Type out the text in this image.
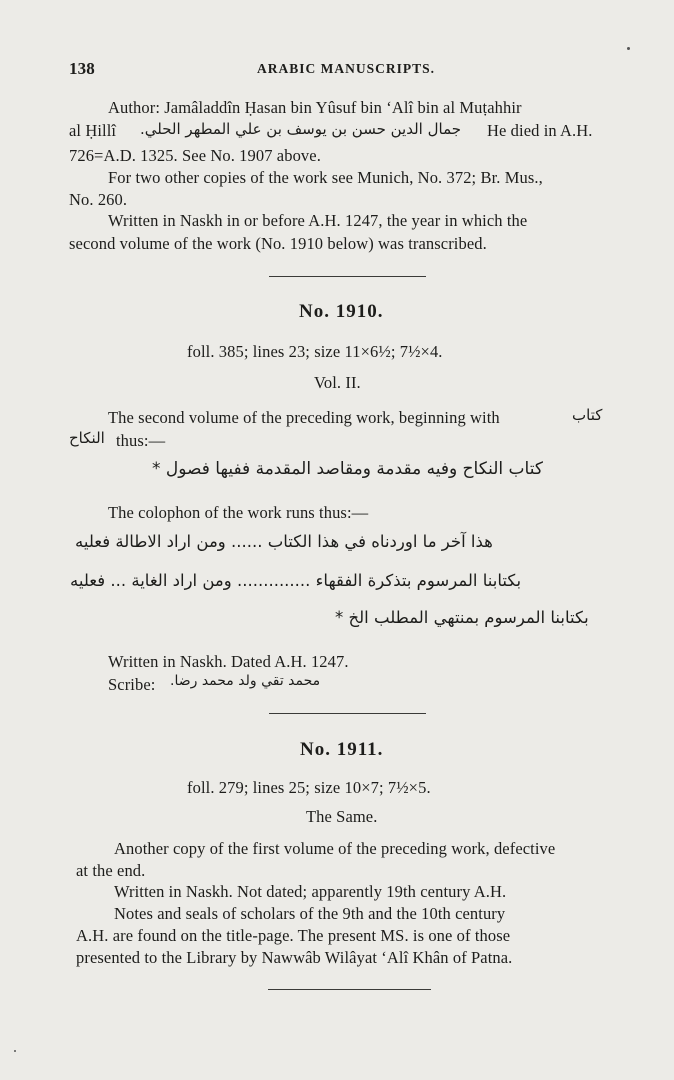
138	ARABIC MANUSCRIPTS.
Author: Jamâladdîn Ḥasan bin Yûsuf bin ‘Alî bin al Muṭahhir
al Ḥillî جمال الدين حسن بن يوسف بن علي المطهر الحلي. He died in A.H.
726=A.D. 1325. See No. 1907 above.
For two other copies of the work see Munich, No. 372; Br. Mus.,
No. 260.
Written in Naskh in or before A.H. 1247, the year in which the
second volume of the work (No. 1910 below) was transcribed.
No. 1910.
foll. 385; lines 23; size 11×6½; 7½×4.
Vol. II.
The second volume of the preceding work, beginning with	كتاب
النكاح thus:—
كتاب النكاح وفيه مقدمة ومقاصد المقدمة ففيها فصول *
The colophon of the work runs thus:—
هذا آخر ما اوردناه في هذا الكتاب ...... ومن اراد الاطالة فعليه
بكتابنا المرسوم بتذكرة الفقهاء .............. ومن اراد الغاية ... فعليه
بكتابنا المرسوم بمنتهي المطلب الخ *
Written in Naskh. Dated A.H. 1247.
Scribe: محمد تقي ولد محمد رضا.
No. 1911.
foll. 279; lines 25; size 10×7; 7½×5.
The Same.
Another copy of the first volume of the preceding work, defective
at the end.
Written in Naskh. Not dated; apparently 19th century A.H.
Notes and seals of scholars of the 9th and the 10th century
A.H. are found on the title-page. The present MS. is one of those
presented to the Library by Nawwâb Wilâyat ‘Alî Khân of Patna.
